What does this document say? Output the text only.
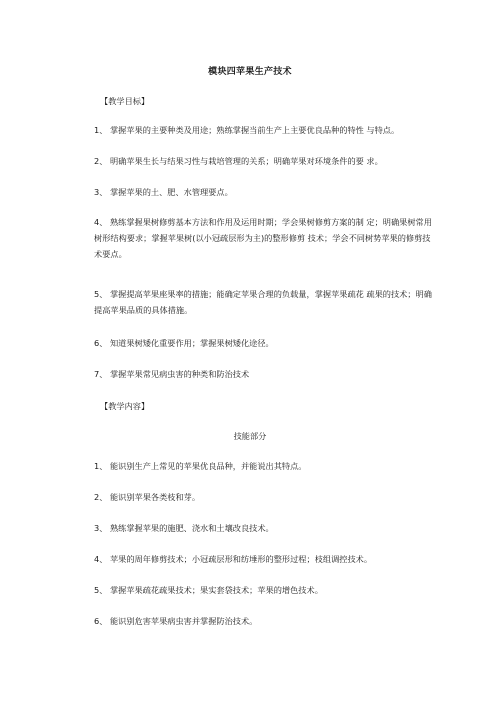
模块四苹果生产技术
【教学目标】
1、 掌握苹果的主要种类及用途；熟练掌握当前生产上主要优良品种的特性 与特点。
2、 明确苹果生长与结果习性与栽培管理的关系；明确苹果对环境条件的要 求。
3、 掌握苹果的土、肥、水管理要点。
4、 熟练掌握果树修剪基本方法和作用及运用时期；学会果树修剪方案的制 定；明确果树常用树形结构要求；掌握苹果树(以小冠疏层形为主)的整形修剪 技术；学会不同树势苹果的修剪技术要点。
5、 掌握提高苹果座果率的措施；能确定苹果合理的负载量，掌握苹果疏花 疏果的技术；明确提高苹果品质的具体措施。
6、 知道果树矮化重要作用；掌握果树矮化途径。
7、 掌握苹果常见病虫害的种类和防治技术
【教学内容】
技能部分
1、 能识别生产上常见的苹果优良品种，并能说出其特点。
2、 能识别苹果各类枝和芽。
3、 熟练掌握苹果的施肥、浇水和土壤改良技术。
4、 苹果的周年修剪技术；小冠疏层形和纺埵形的整形过程；枝组调控技术。
5、 掌握苹果疏花疏果技术；果实套袋技术；苹果的增色技术。
6、 能识别危害苹果病虫害并掌握防治技术。
